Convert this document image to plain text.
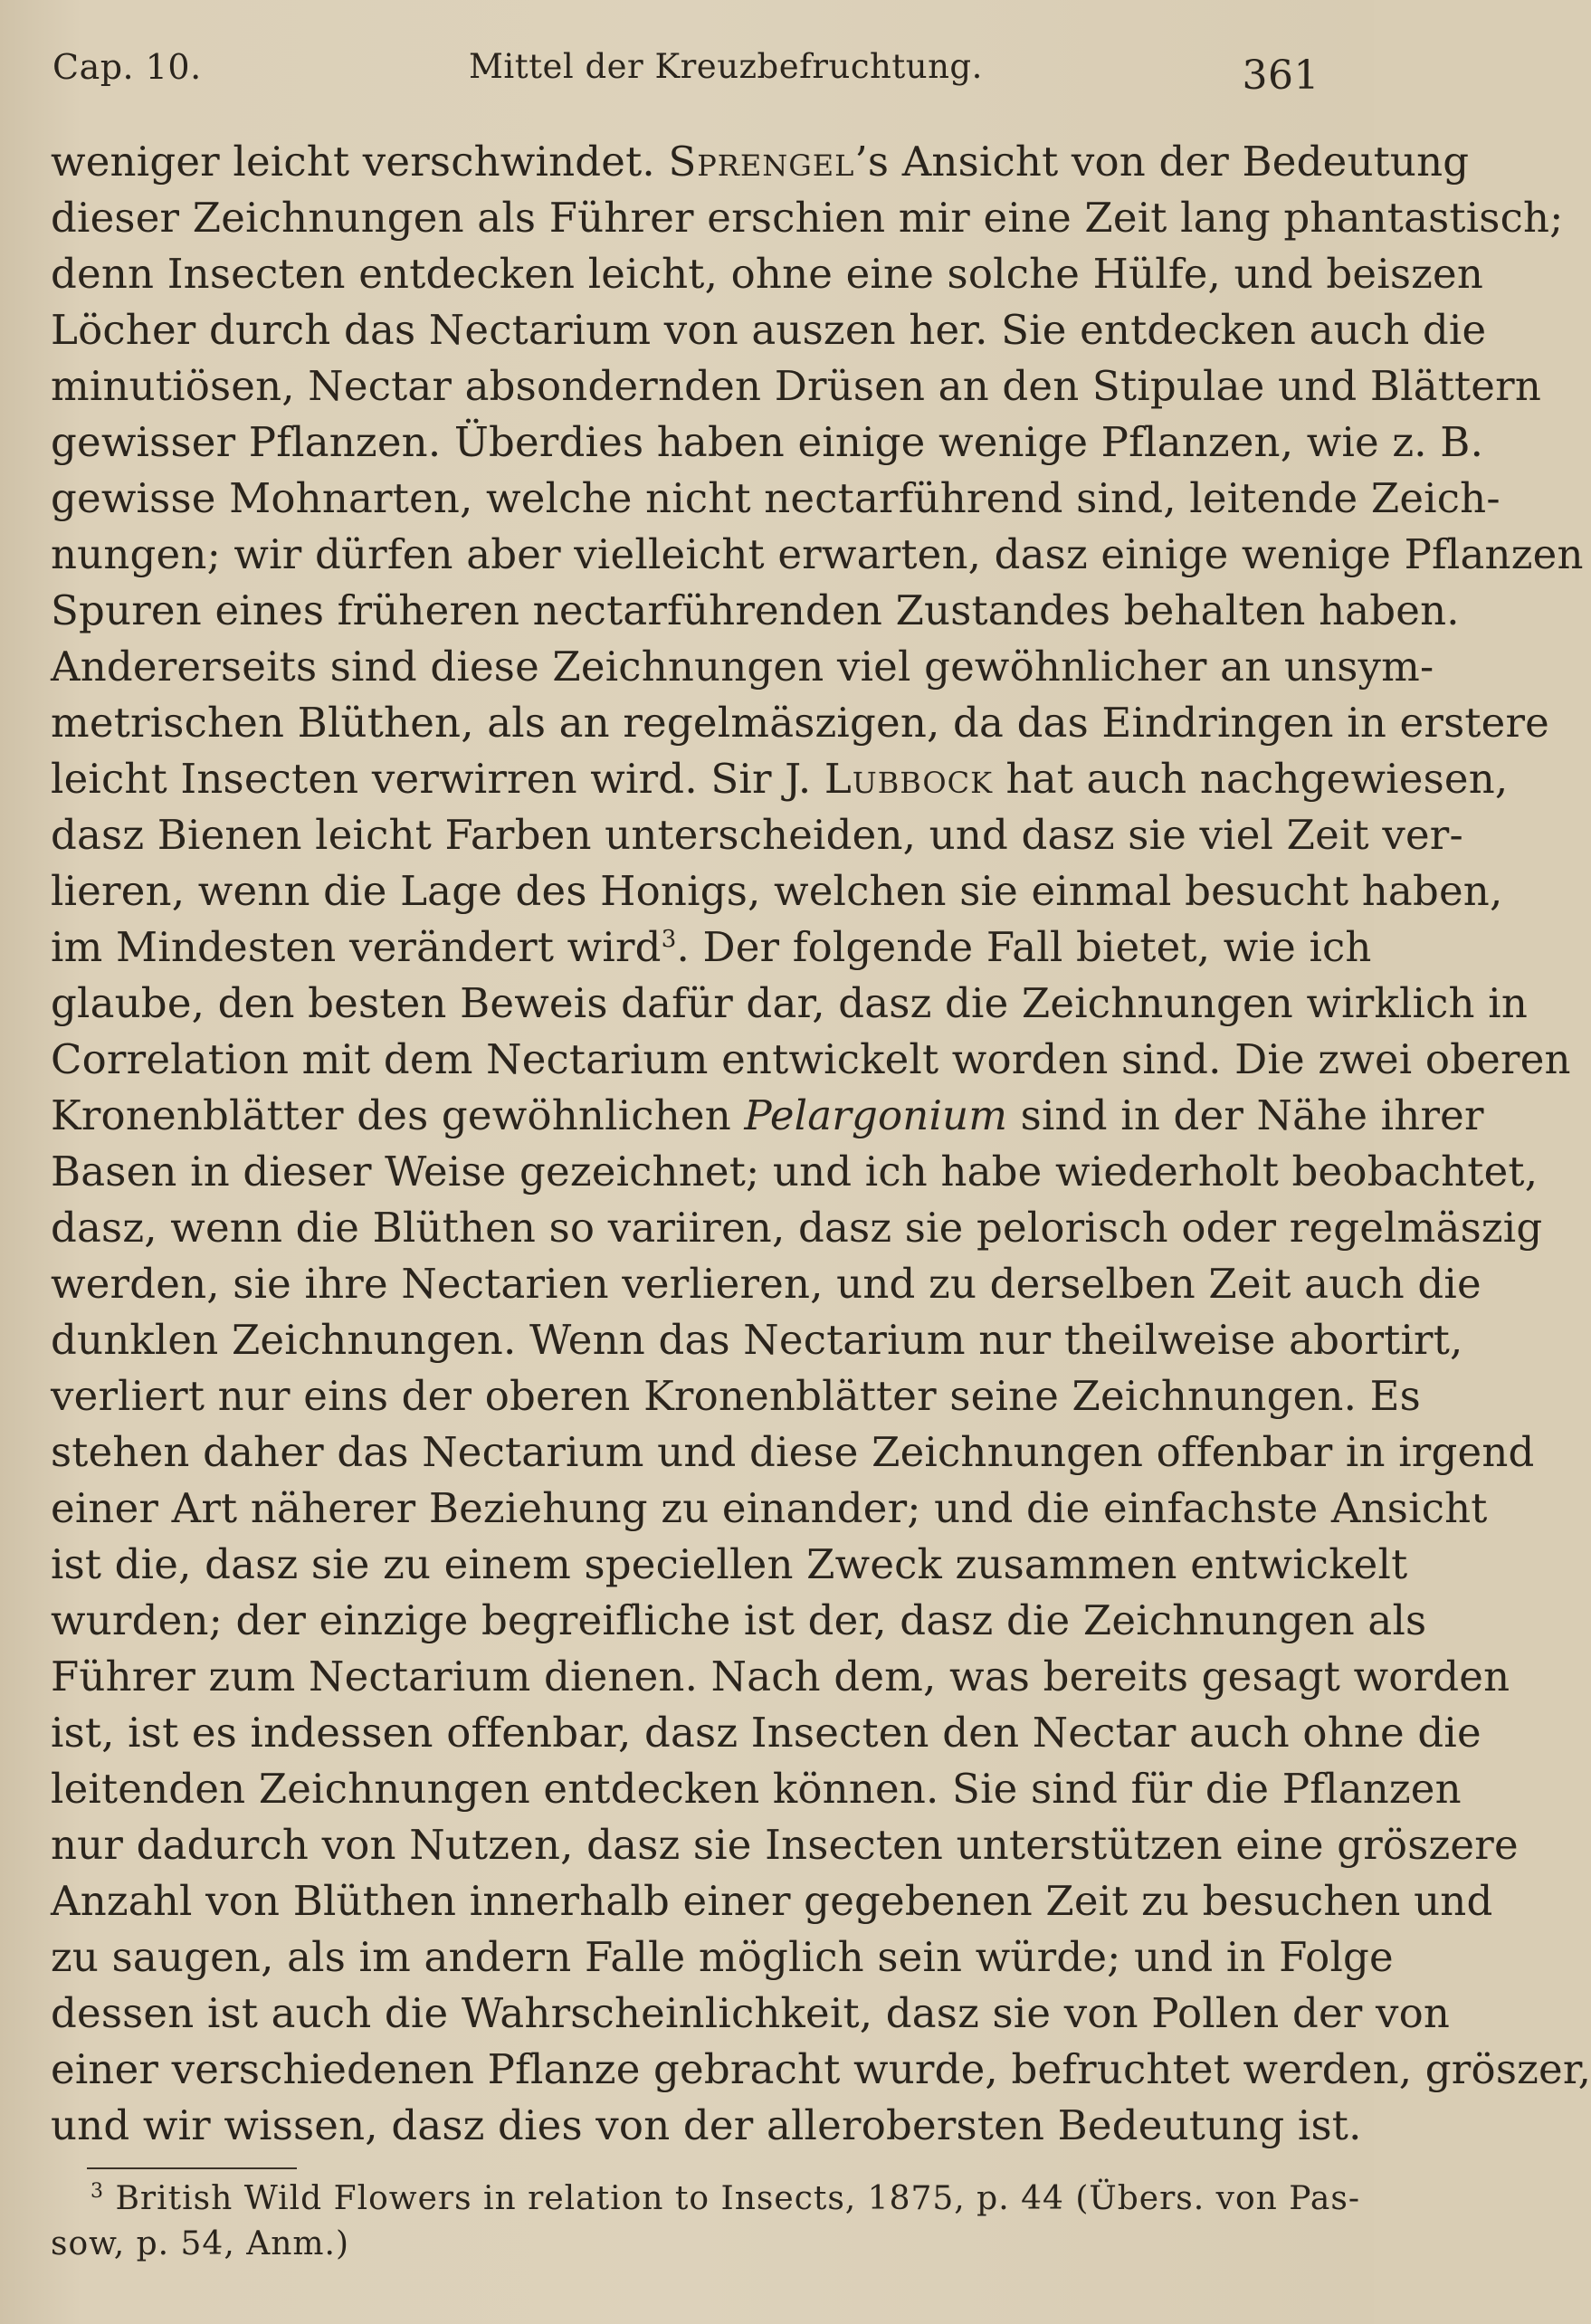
Cap. 10.	Mittel der Kreuzbefruchtung.	361
weniger leicht verschwindet. Sprengel’s Ansicht von der Bedeutung
dieser Zeichnungen als Führer erschien mir eine Zeit lang phantastisch;
denn Insecten entdecken leicht, ohne eine solche Hülfe, und beiszen
Löcher durch das Nectarium von auszen her. Sie entdecken auch die
minutiösen, Nectar absondernden Drüsen an den Stipulae und Blättern
gewisser Pflanzen. Überdies haben einige wenige Pflanzen, wie z. B.
gewisse Mohnarten, welche nicht nectarführend sind, leitende Zeich-
nungen; wir dürfen aber vielleicht erwarten, dasz einige wenige Pflanzen
Spuren eines früheren nectarführenden Zustandes behalten haben.
Andererseits sind diese Zeichnungen viel gewöhnlicher an unsym-
metrischen Blüthen, als an regelmäszigen, da das Eindringen in erstere
leicht Insecten verwirren wird. Sir J. Lubbock hat auch nachgewiesen,
dasz Bienen leicht Farben unterscheiden, und dasz sie viel Zeit ver-
lieren, wenn die Lage des Honigs, welchen sie einmal besucht haben,
im Mindesten verändert wird$^3$. Der folgende Fall bietet, wie ich
glaube, den besten Beweis dafür dar, dasz die Zeichnungen wirklich in
Correlation mit dem Nectarium entwickelt worden sind. Die zwei oberen
Kronenblätter des gewöhnlichen Pelargonium sind in der Nähe ihrer
Basen in dieser Weise gezeichnet; und ich habe wiederholt beobachtet,
dasz, wenn die Blüthen so variiren, dasz sie pelorisch oder regelmäszig
werden, sie ihre Nectarien verlieren, und zu derselben Zeit auch die
dunklen Zeichnungen. Wenn das Nectarium nur theilweise abortirt,
verliert nur eins der oberen Kronenblätter seine Zeichnungen. Es
stehen daher das Nectarium und diese Zeichnungen offenbar in irgend
einer Art näherer Beziehung zu einander; und die einfachste Ansicht
ist die, dasz sie zu einem speciellen Zweck zusammen entwickelt
wurden; der einzige begreifliche ist der, dasz die Zeichnungen als
Führer zum Nectarium dienen. Nach dem, was bereits gesagt worden
ist, ist es indessen offenbar, dasz Insecten den Nectar auch ohne die
leitenden Zeichnungen entdecken können. Sie sind für die Pflanzen
nur dadurch von Nutzen, dasz sie Insecten unterstützen eine gröszere
Anzahl von Blüthen innerhalb einer gegebenen Zeit zu besuchen und
zu saugen, als im andern Falle möglich sein würde; und in Folge
dessen ist auch die Wahrscheinlichkeit, dasz sie von Pollen der von
einer verschiedenen Pflanze gebracht wurde, befruchtet werden, gröszer,
und wir wissen, dasz dies von der allerobersten Bedeutung ist.
$^3$ British Wild Flowers in relation to Insects, 1875, p. 44 (Übers. von Pas-
sow, p. 54, Anm.)
